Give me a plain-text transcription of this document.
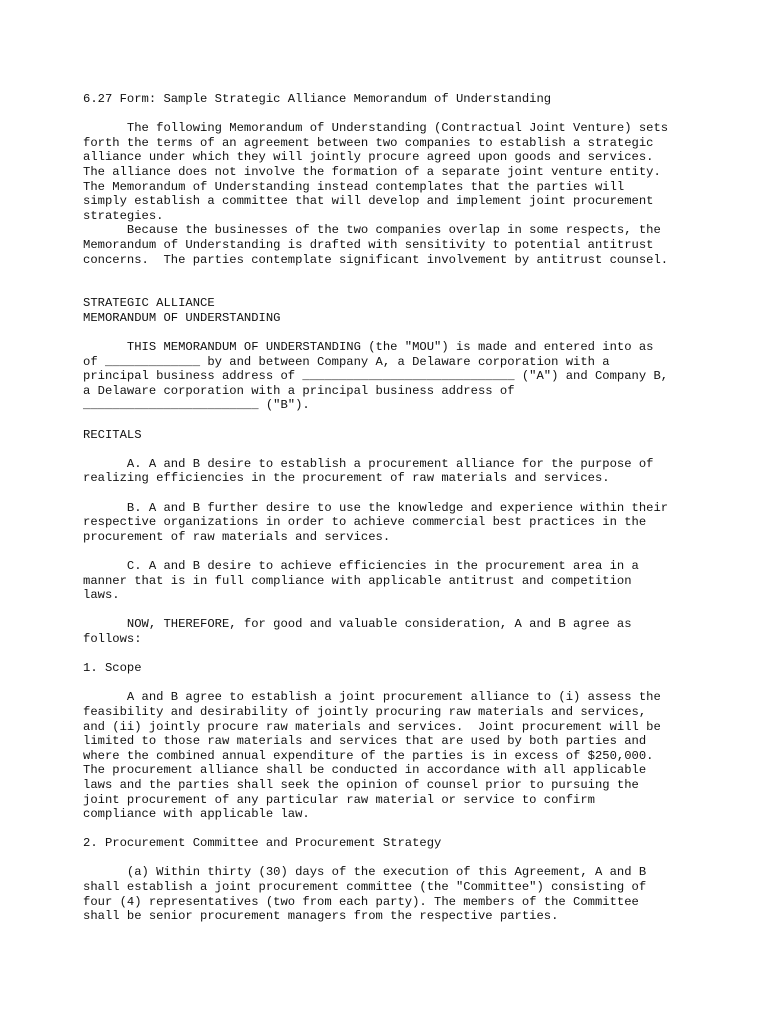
6.27 Form: Sample Strategic Alliance Memorandum of Understanding

The following Memorandum of Understanding (Contractual Joint Venture) sets
forth the terms of an agreement between two companies to establish a strategic
alliance under which they will jointly procure agreed upon goods and services.
The alliance does not involve the formation of a separate joint venture entity.
The Memorandum of Understanding instead contemplates that the parties will
simply establish a committee that will develop and implement joint procurement
strategies.

Because the businesses of the two companies overlap in some respects, the
Memorandum of Understanding is drafted with sensitivity to potential antitrust
concerns.  The parties contemplate significant involvement by antitrust counsel.

STRATEGIC ALLIANCE
MEMORANDUM OF UNDERSTANDING

THIS MEMORANDUM OF UNDERSTANDING (the "MOU") is made and entered into as
of _____________ by and between Company A, a Delaware corporation with a
principal business address of _____________________________ ("A") and Company B,
a Delaware corporation with a principal business address of
________________________ ("B").

RECITALS

A. A and B desire to establish a procurement alliance for the purpose of
realizing efficiencies in the procurement of raw materials and services.

B. A and B further desire to use the knowledge and experience within their
respective organizations in order to achieve commercial best practices in the
procurement of raw materials and services.

C. A and B desire to achieve efficiencies in the procurement area in a
manner that is in full compliance with applicable antitrust and competition
laws.

NOW, THEREFORE, for good and valuable consideration, A and B agree as
follows:

1. Scope

A and B agree to establish a joint procurement alliance to (i) assess the
feasibility and desirability of jointly procuring raw materials and services,
and (ii) jointly procure raw materials and services.  Joint procurement will be
limited to those raw materials and services that are used by both parties and
where the combined annual expenditure of the parties is in excess of $250,000.
The procurement alliance shall be conducted in accordance with all applicable
laws and the parties shall seek the opinion of counsel prior to pursuing the
joint procurement of any particular raw material or service to confirm
compliance with applicable law.

2. Procurement Committee and Procurement Strategy

(a) Within thirty (30) days of the execution of this Agreement, A and B
shall establish a joint procurement committee (the "Committee") consisting of
four (4) representatives (two from each party). The members of the Committee
shall be senior procurement managers from the respective parties.
